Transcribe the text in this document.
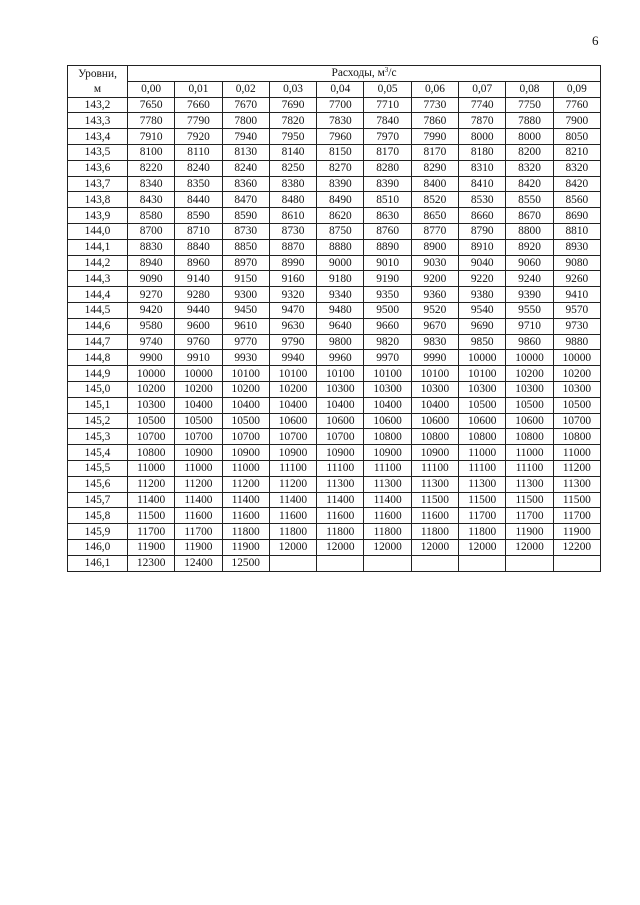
6
Уровни,	Расходы, $м^3/с$									
м	0,00	0,01	0,02	0,03	0,04	0,05	0,06	0,07	0,08	0,09
143,2	7650	7660	7670	7690	7700	7710	7730	7740	7750	7760
143,3	7780	7790	7800	7820	7830	7840	7860	7870	7880	7900
143,4	7910	7920	7940	7950	7960	7970	7990	8000	8000	8050
143,5	8100	8110	8130	8140	8150	8170	8170	8180	8200	8210
143,6	8220	8240	8240	8250	8270	8280	8290	8310	8320	8320
143,7	8340	8350	8360	8380	8390	8390	8400	8410	8420	8420
143,8	8430	8440	8470	8480	8490	8510	8520	8530	8550	8560
143,9	8580	8590	8590	8610	8620	8630	8650	8660	8670	8690
144,0	8700	8710	8730	8730	8750	8760	8770	8790	8800	8810
144,1	8830	8840	8850	8870	8880	8890	8900	8910	8920	8930
144,2	8940	8960	8970	8990	9000	9010	9030	9040	9060	9080
144,3	9090	9140	9150	9160	9180	9190	9200	9220	9240	9260
144,4	9270	9280	9300	9320	9340	9350	9360	9380	9390	9410
144,5	9420	9440	9450	9470	9480	9500	9520	9540	9550	9570
144,6	9580	9600	9610	9630	9640	9660	9670	9690	9710	9730
144,7	9740	9760	9770	9790	9800	9820	9830	9850	9860	9880
144,8	9900	9910	9930	9940	9960	9970	9990	10000	10000	10000
144,9	10000	10000	10100	10100	10100	10100	10100	10100	10200	10200
145,0	10200	10200	10200	10200	10300	10300	10300	10300	10300	10300
145,1	10300	10400	10400	10400	10400	10400	10400	10500	10500	10500
145,2	10500	10500	10500	10600	10600	10600	10600	10600	10600	10700
145,3	10700	10700	10700	10700	10700	10800	10800	10800	10800	10800
145,4	10800	10900	10900	10900	10900	10900	10900	11000	11000	11000
145,5	11000	11000	11000	11100	11100	11100	11100	11100	11100	11200
145,6	11200	11200	11200	11200	11300	11300	11300	11300	11300	11300
145,7	11400	11400	11400	11400	11400	11400	11500	11500	11500	11500
145,8	11500	11600	11600	11600	11600	11600	11600	11700	11700	11700
145,9	11700	11700	11800	11800	11800	11800	11800	11800	11900	11900
146,0	11900	11900	11900	12000	12000	12000	12000	12000	12000	12200
146,1	12300	12400	12500							
